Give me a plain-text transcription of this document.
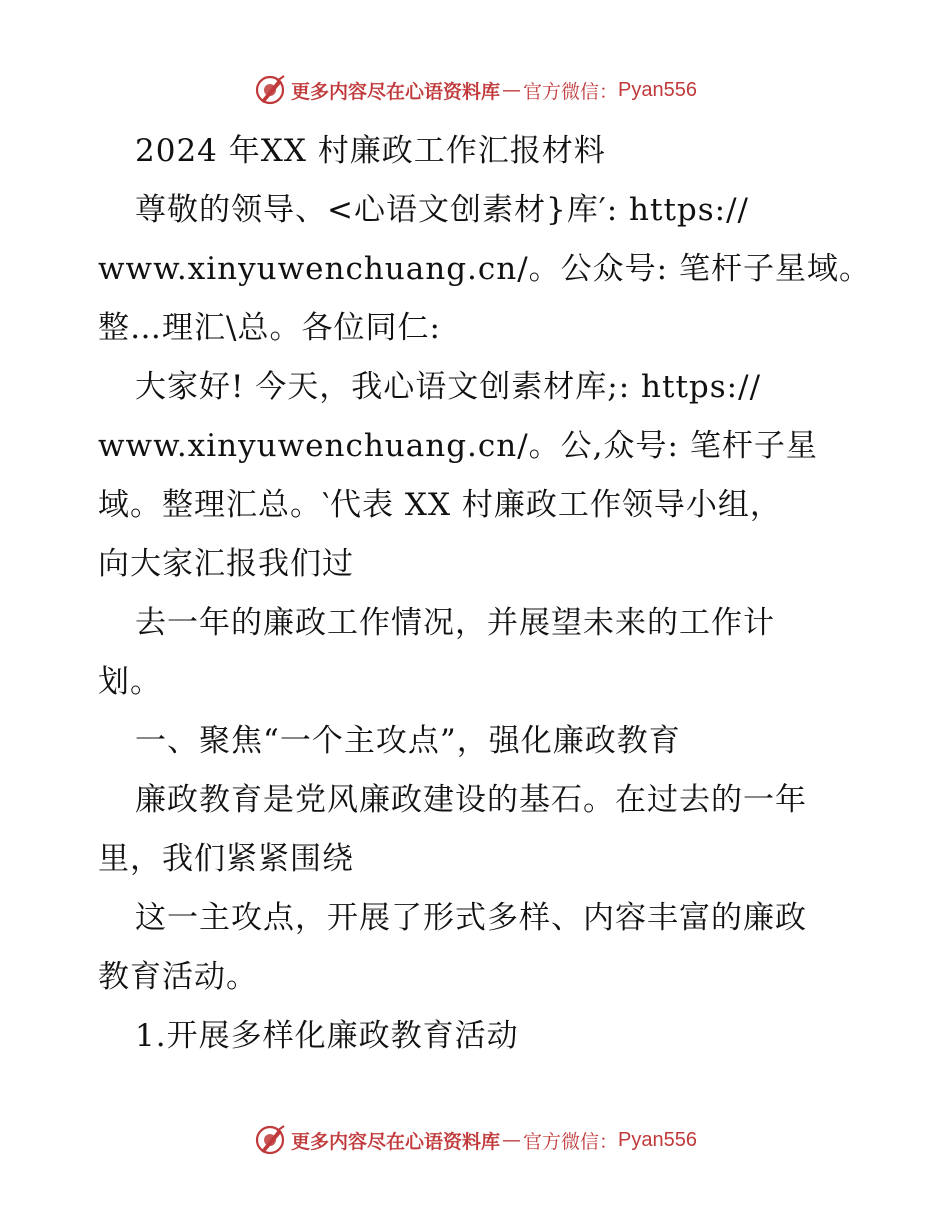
更多内容尽在心语资料库 — 官方微信： Pyan556
2024 年XX 村廉政工作汇报材料
尊敬的领导、<心语文创素材}库′: https://
www.xinyuwenchuang.cn/。公众号: 笔杆子星域。
整…理汇\总。各位同仁:
大家好! 今天，我心语文创素材库;: https://
www.xinyuwenchuang.cn/。公,众号: 笔杆子星
域。整理汇总。‵代表 XX 村廉政工作领导小组，
向大家汇报我们过
去一年的廉政工作情况，并展望未来的工作计
划。
一、聚焦“一个主攻点”，强化廉政教育
廉政教育是党风廉政建设的基石。在过去的一年
里，我们紧紧围绕
这一主攻点，开展了形式多样、内容丰富的廉政
教育活动。
1.开展多样化廉政教育活动
更多内容尽在心语资料库 — 官方微信： Pyan556
